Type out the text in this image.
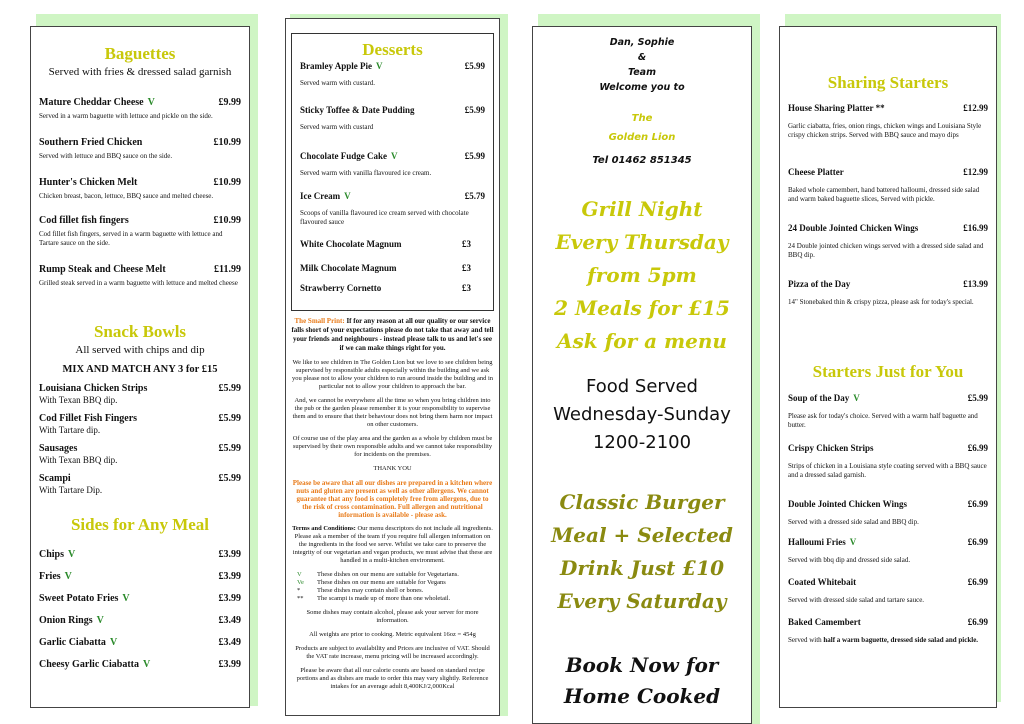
Baguettes
Served with fries & dressed salad garnish
Mature Cheddar Cheese V	£9.99
Served in a warm baguette with lettuce and pickle on the side.
Southern Fried Chicken	£10.99
Served with lettuce and BBQ sauce on the side.
Hunter's Chicken Melt	£10.99
Chicken breast, bacon, lettuce, BBQ sauce and melted cheese.
Cod fillet fish fingers	£10.99
Cod fillet fish fingers, served in a warm baguette with lettuce and Tartare sauce on the side.
Rump Steak and Cheese Melt	£11.99
Grilled steak served in a warm baguette with lettuce and melted cheese
Snack Bowls
All served with chips and dip
MIX AND MATCH ANY 3 for £15
Louisiana Chicken Strips	£5.99
With Texan BBQ dip.
Cod Fillet Fish Fingers	£5.99
With Tartare dip.
Sausages	£5.99
With Texan BBQ dip.
Scampi	£5.99
With Tartare Dip.
Sides for Any Meal
Chips V	£3.99
Fries V	£3.99
Sweet Potato Fries V	£3.99
Onion Rings V	£3.49
Garlic Ciabatta V	£3.49
Cheesy Garlic Ciabatta V	£3.99
Desserts
Bramley Apple Pie V	£5.99
Served warm with custard.
Sticky Toffee & Date Pudding	£5.99
Served warm with custard
Chocolate Fudge Cake V	£5.99
Served warm with vanilla flavoured ice cream.
Ice Cream V	£5.79
Scoops of vanilla flavoured ice cream served with chocolate flavoured sauce
White Chocolate Magnum	£3
Milk Chocolate Magnum	£3
Strawberry Cornetto	£3
The Small Print: If for any reason at all our quality or our service falls short of your expectations please do not take that away and tell your friends and neighbours - instead please talk to us and let's see if we can make things right for you.
We like to see children in The Golden Lion but we love to see children being supervised by responsible adults especially within the building and we ask you please not to allow your children to run around inside the building and in particular not to allow your children to approach the bar.
And, we cannot be everywhere all the time so when you bring children into the pub or the garden please remember it is your responsibility to supervise them and to ensure that their behaviour does not bring them harm nor impact on other customers.
Of course use of the play area and the garden as a whole by children must be supervised by their own responsible adults and we cannot take responsibility for incidents on the premises.
THANK YOU
Please be aware that all our dishes are prepared in a kitchen where nuts and gluten are present as well as other allergens. We cannot guarantee that any food is completely free from allergens, due to the risk of cross contamination. Full allergen and nutritional information is available - please ask.
Terms and Conditions: Our menu descriptors do not include all ingredients. Please ask a member of the team if you require full allergen information on the ingredients in the food we serve. Whilst we take care to preserve the integrity of our vegetarian and vegan products, we must advise that these are handled in a multi-kitchen environment.
V	These dishes on our menu are suitable for Vegetarians.
Ve	These dishes on our menu are suitable for Vegans
*	These dishes may contain shell or bones.
**	The scampi is made up of more than one wholetail.
Some dishes may contain alcohol, please ask your server for more information.
All weights are prior to cooking. Metric equivalent 16oz = 454g
Products are subject to availability and Prices are inclusive of VAT. Should the VAT rate increase, menu pricing will be increased accordingly.
Please be aware that all our calorie counts are based on standard recipe portions and as dishes are made to order this may vary slightly. Reference intakes for an average adult 8,400KJ/2,000Kcal
Dan, Sophie
&
Team
Welcome you to
The
Golden Lion
Tel 01462 851345
Grill Night
Every Thursday
from 5pm
2 Meals for £15
Ask for a menu
Food Served
Wednesday-Sunday
1200-2100
Classic Burger
Meal + Selected
Drink Just £10
Every Saturday
Book Now for
Home Cooked
Sharing Starters
House Sharing Platter **	£12.99
Garlic ciabatta, fries, onion rings, chicken wings and Louisiana Style crispy chicken strips. Served with BBQ sauce and mayo dips
Cheese Platter	£12.99
Baked whole camembert, hand battered halloumi, dressed side salad and warm baked baguette slices, Served with pickle.
24 Double Jointed Chicken Wings	£16.99
24 Double jointed chicken wings served with a dressed side salad and BBQ dip.
Pizza of the Day	£13.99
14" Stonebaked thin & crispy pizza, please ask for today's special.
Starters Just for You
Soup of the Day V	£5.99
Please ask for today's choice. Served with a warm half baguette and butter.
Crispy Chicken Strips	£6.99
Strips of chicken in a Louisiana style coating served with a BBQ sauce and a dressed salad garnish.
Double Jointed Chicken Wings	£6.99
Served with a dressed side salad and BBQ dip.
Halloumi Fries V	£6.99
Served with bbq dip and dressed side salad.
Coated Whitebait	£6.99
Served with dressed side salad and tartare sauce.
Baked Camembert	£6.99
Served with half a warm baguette, dressed side salad and pickle.
